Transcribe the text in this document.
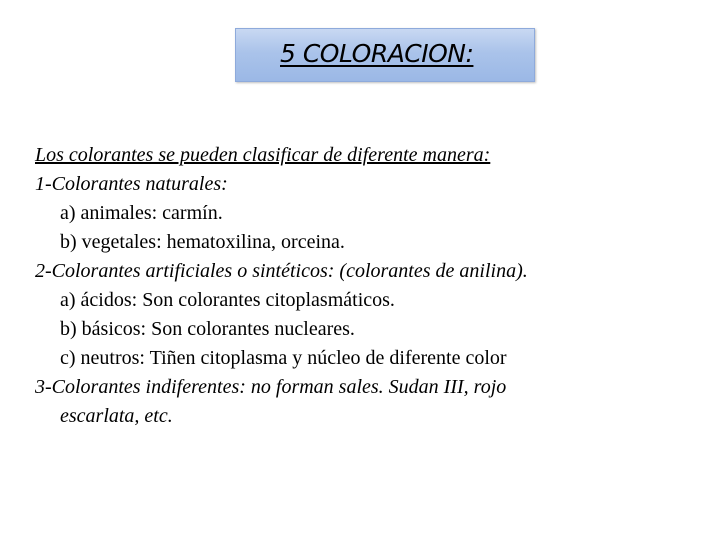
5 COLORACION:
Los colorantes se pueden clasificar de diferente manera:
1-Colorantes naturales:
a) animales: carmín.
b) vegetales: hematoxilina, orceina.
2-Colorantes artificiales o sintéticos: (colorantes de anilina).
a) ácidos: Son colorantes citoplasmáticos.
b) básicos: Son colorantes nucleares.
c) neutros: Tiñen citoplasma y núcleo de diferente color
3-Colorantes indiferentes: no forman sales. Sudan III, rojo
escarlata, etc.
